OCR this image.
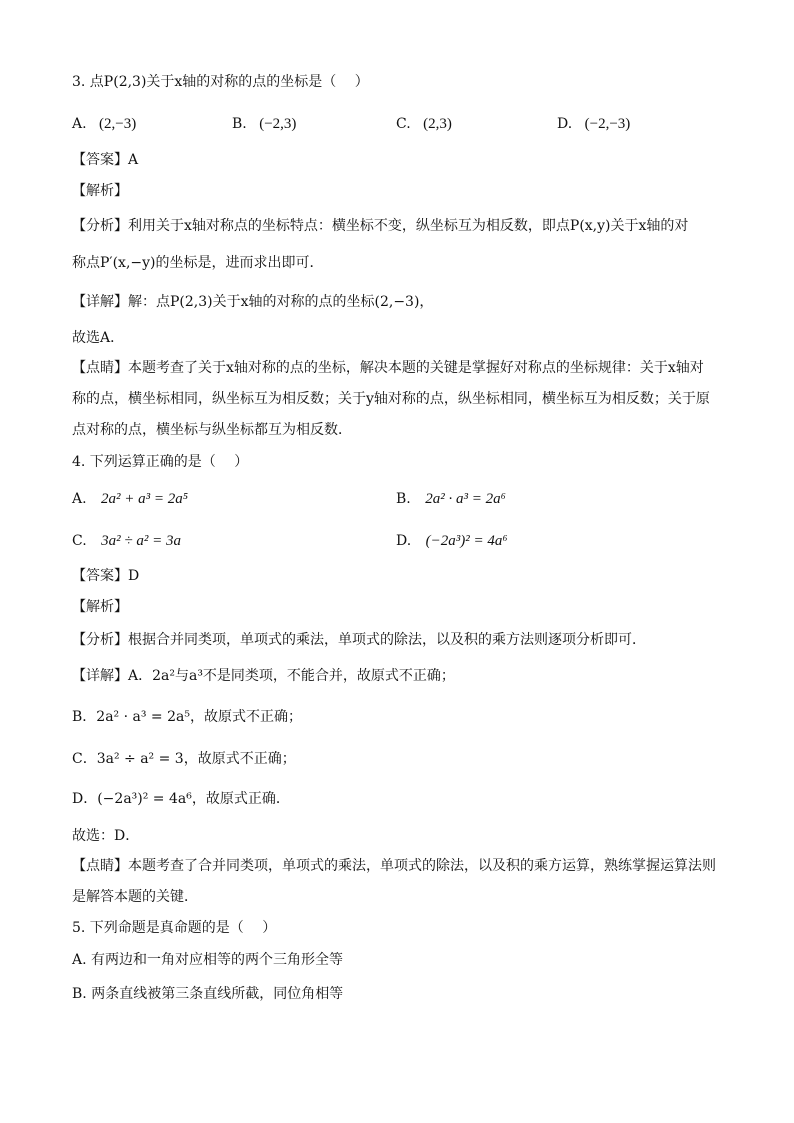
3. 点P(2,3)关于x轴的对称的点的坐标是（　 ）
A. (2,−3)	B. (−2,3)	C. (2,3)	D. (−2,−3)
【答案】A
【解析】
【分析】利用关于x轴对称点的坐标特点：横坐标不变，纵坐标互为相反数，即点P(x,y)关于x轴的对
称点P′(x,−y)的坐标是，进而求出即可．
【详解】解：点P(2,3)关于x轴的对称的点的坐标(2,−3)，
故选A．
【点睛】本题考查了关于x轴对称的点的坐标，解决本题的关键是掌握好对称点的坐标规律：关于x轴对
称的点，横坐标相同，纵坐标互为相反数；关于y轴对称的点，纵坐标相同，横坐标互为相反数；关于原
点对称的点，横坐标与纵坐标都互为相反数．
4. 下列运算正确的是（　 ）
A. 2a² + a³ = 2a⁵	B. 2a² · a³ = 2a⁶
C. 3a² ÷ a² = 3a	D. (−2a³)² = 4a⁶
【答案】D
【解析】
【分析】根据合并同类项，单项式的乘法，单项式的除法，以及积的乘方法则逐项分析即可．
【详解】A．2a²与a³不是同类项，不能合并，故原式不正确；
B．2a² · a³ = 2a⁵，故原式不正确；
C．3a² ÷ a² = 3，故原式不正确；
D．(−2a³)² = 4a⁶，故原式正确．
故选：D．
【点睛】本题考查了合并同类项，单项式的乘法，单项式的除法，以及积的乘方运算，熟练掌握运算法则
是解答本题的关键．
5. 下列命题是真命题的是（　 ）
A. 有两边和一角对应相等的两个三角形全等
B. 两条直线被第三条直线所截，同位角相等
